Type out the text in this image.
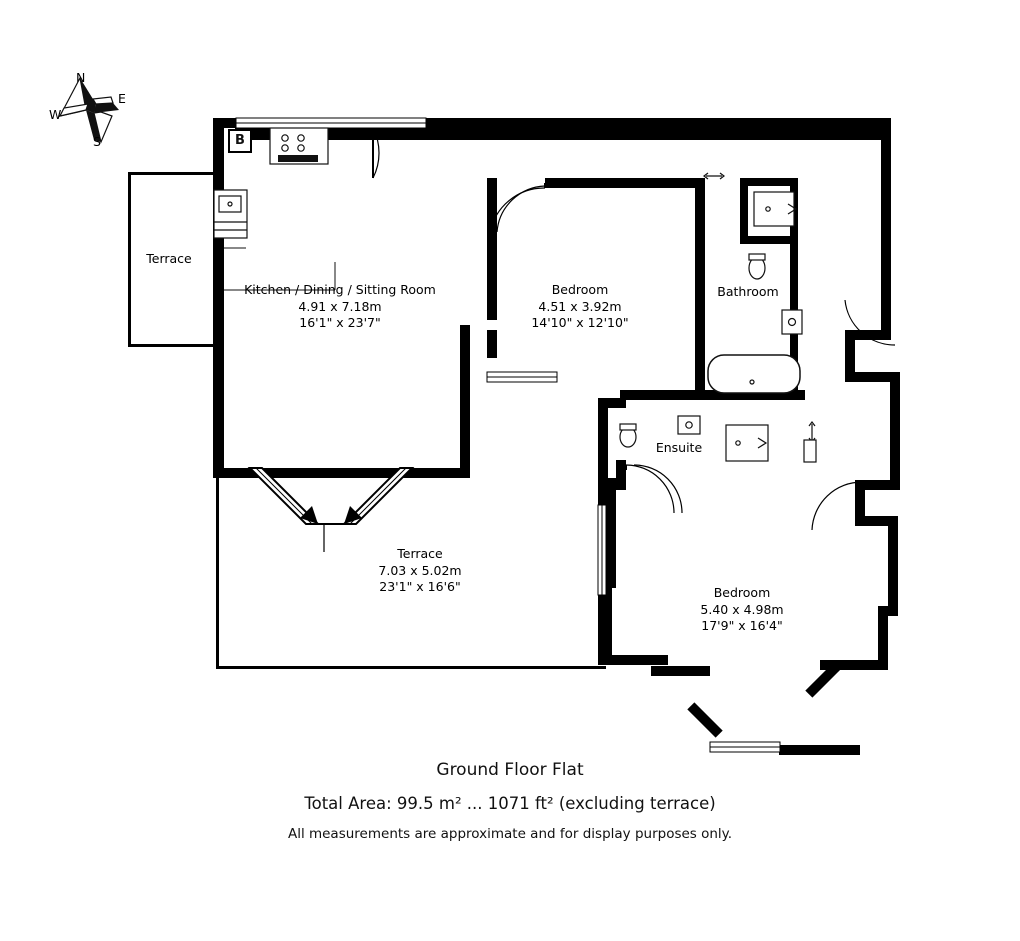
B
N
E
W
S
Terrace
Kitchen / Dining / Sitting Room
4.91 x 7.18m
16'1" x 23'7"
Bedroom
4.51 x 3.92m
14'10" x 12'10"
Bathroom
Ensuite
Terrace
7.03 x 5.02m
23'1" x 16'6"	Bedroom
5.40 x 4.98m
17'9" x 16'4"
Ground Floor Flat
Total Area: 99.5 m² ... 1071 ft² (excluding terrace)
All measurements are approximate and for display purposes only.
